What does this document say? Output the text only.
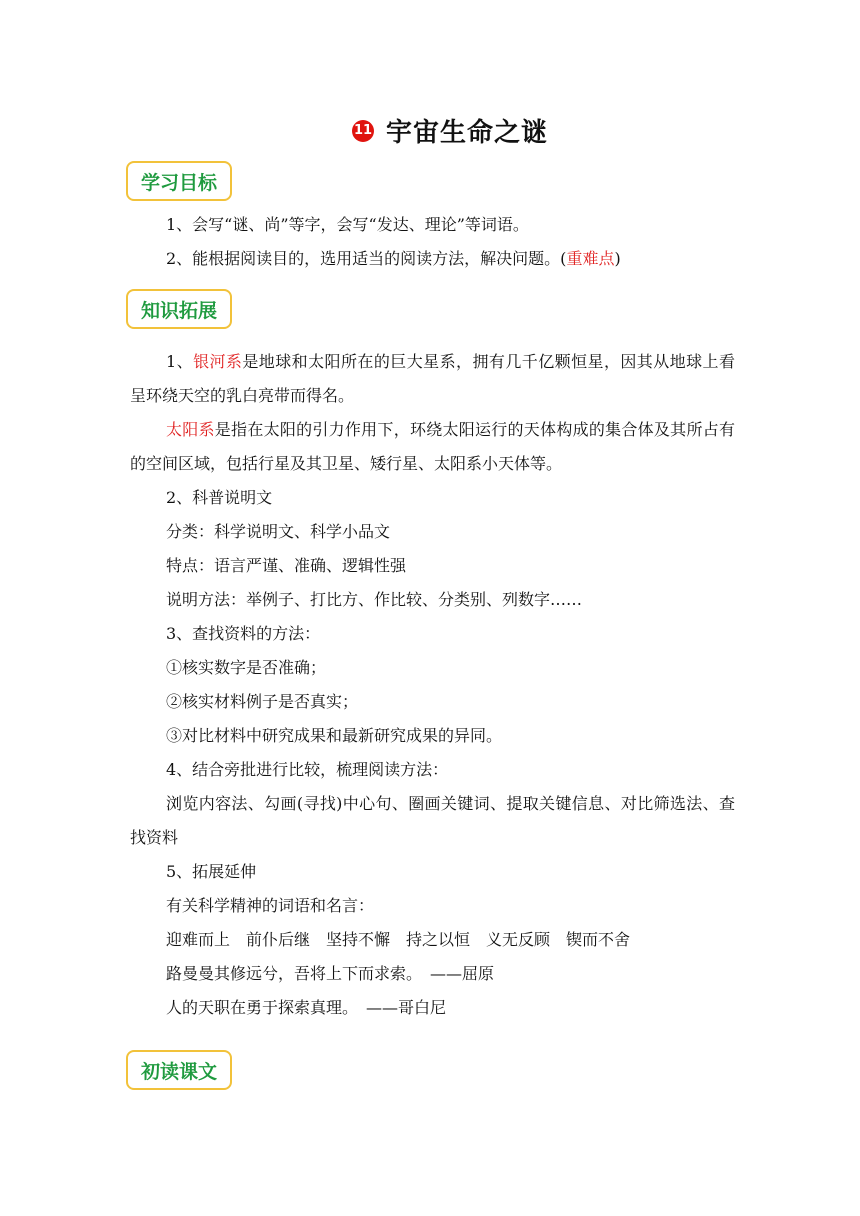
11 宇宙生命之谜
学习目标

1、会写“谜、尚”等字，会写“发达、理论”等词语。

2、能根据阅读目的，选用适当的阅读方法，解决问题。(重难点)

知识拓展

1、银河系是地球和太阳所在的巨大星系，拥有几千亿颗恒星，因其从地球上看呈环绕天空的乳白亮带而得名。

太阳系是指在太阳的引力作用下，环绕太阳运行的天体构成的集合体及其所占有的空间区域，包括行星及其卫星、矮行星、太阳系小天体等。

2、科普说明文

分类：科学说明文、科学小品文

特点：语言严谨、准确、逻辑性强

说明方法：举例子、打比方、作比较、分类别、列数字……

3、查找资料的方法：

①核实数字是否准确；

②核实材料例子是否真实；

③对比材料中研究成果和最新研究成果的异同。

4、结合旁批进行比较，梳理阅读方法：

浏览内容法、勾画(寻找)中心句、圈画关键词、提取关键信息、对比筛选法、查找资料

5、拓展延伸

有关科学精神的词语和名言：

迎难而上　前仆后继　坚持不懈　持之以恒　义无反顾　锲而不舍

路曼曼其修远兮，吾将上下而求索。　——屈原

人的天职在勇于探索真理。　——哥白尼

初读课文
